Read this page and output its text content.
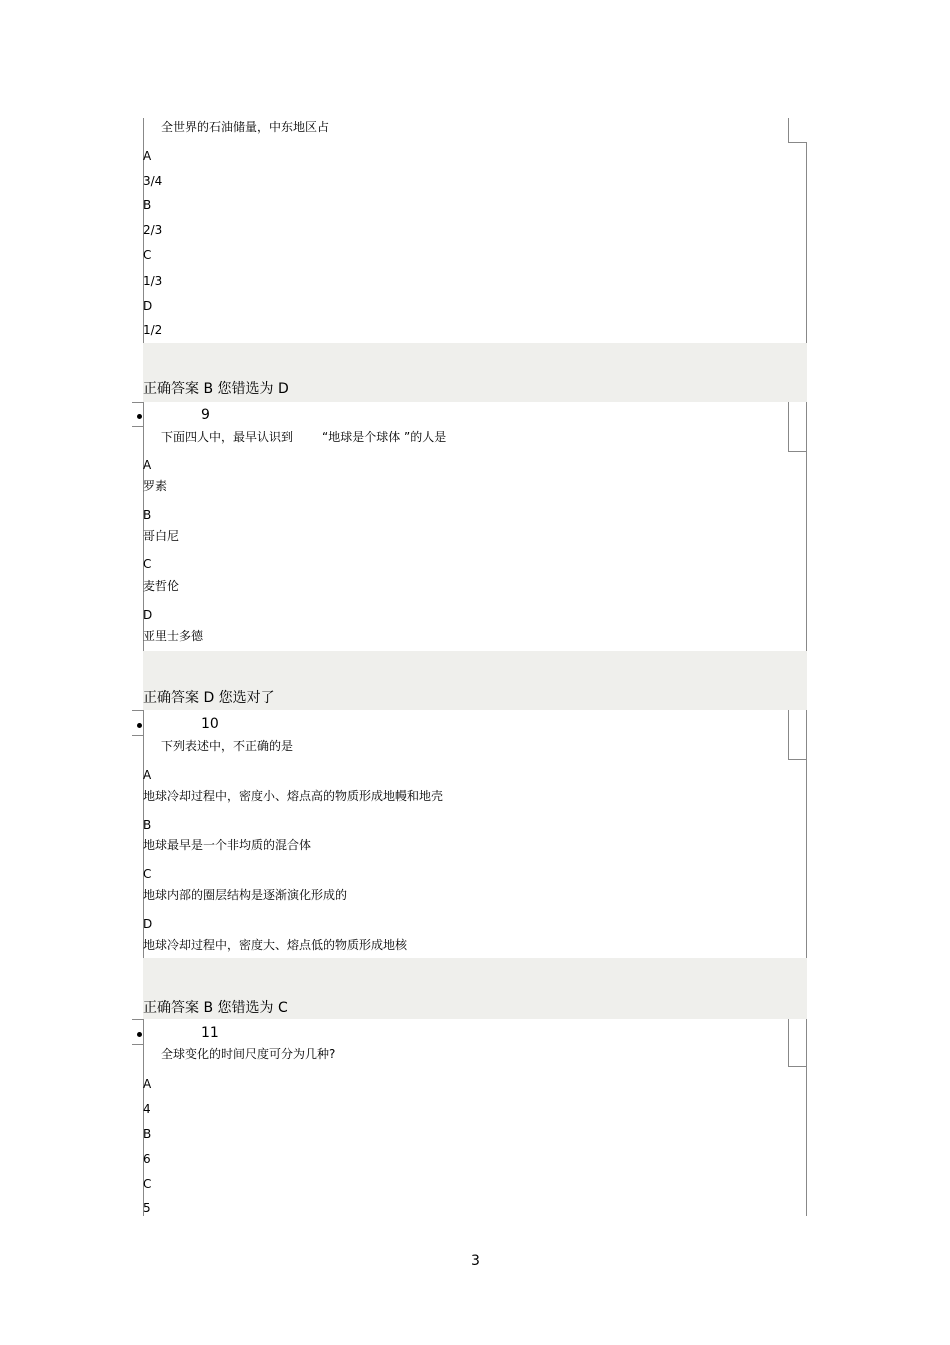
全世界的石油储量，中东地区占
A
3/4
B
2/3
C
1/3
D
1/2
正确答案 B 您错选为 D
9
下面四人中，最早认识到 “地球是个球体 ”的人是
A
罗素
B
哥白尼
C
麦哲伦
D
亚里士多德
正确答案 D 您选对了
10
下列表述中，不正确的是
A
地球冷却过程中，密度小、熔点高的物质形成地幔和地壳
B
地球最早是一个非均质的混合体
C
地球内部的圈层结构是逐渐演化形成的
D
地球冷却过程中，密度大、熔点低的物质形成地核
正确答案 B 您错选为 C
11
全球变化的时间尺度可分为几种?
A
4
B
6
C
5
3
